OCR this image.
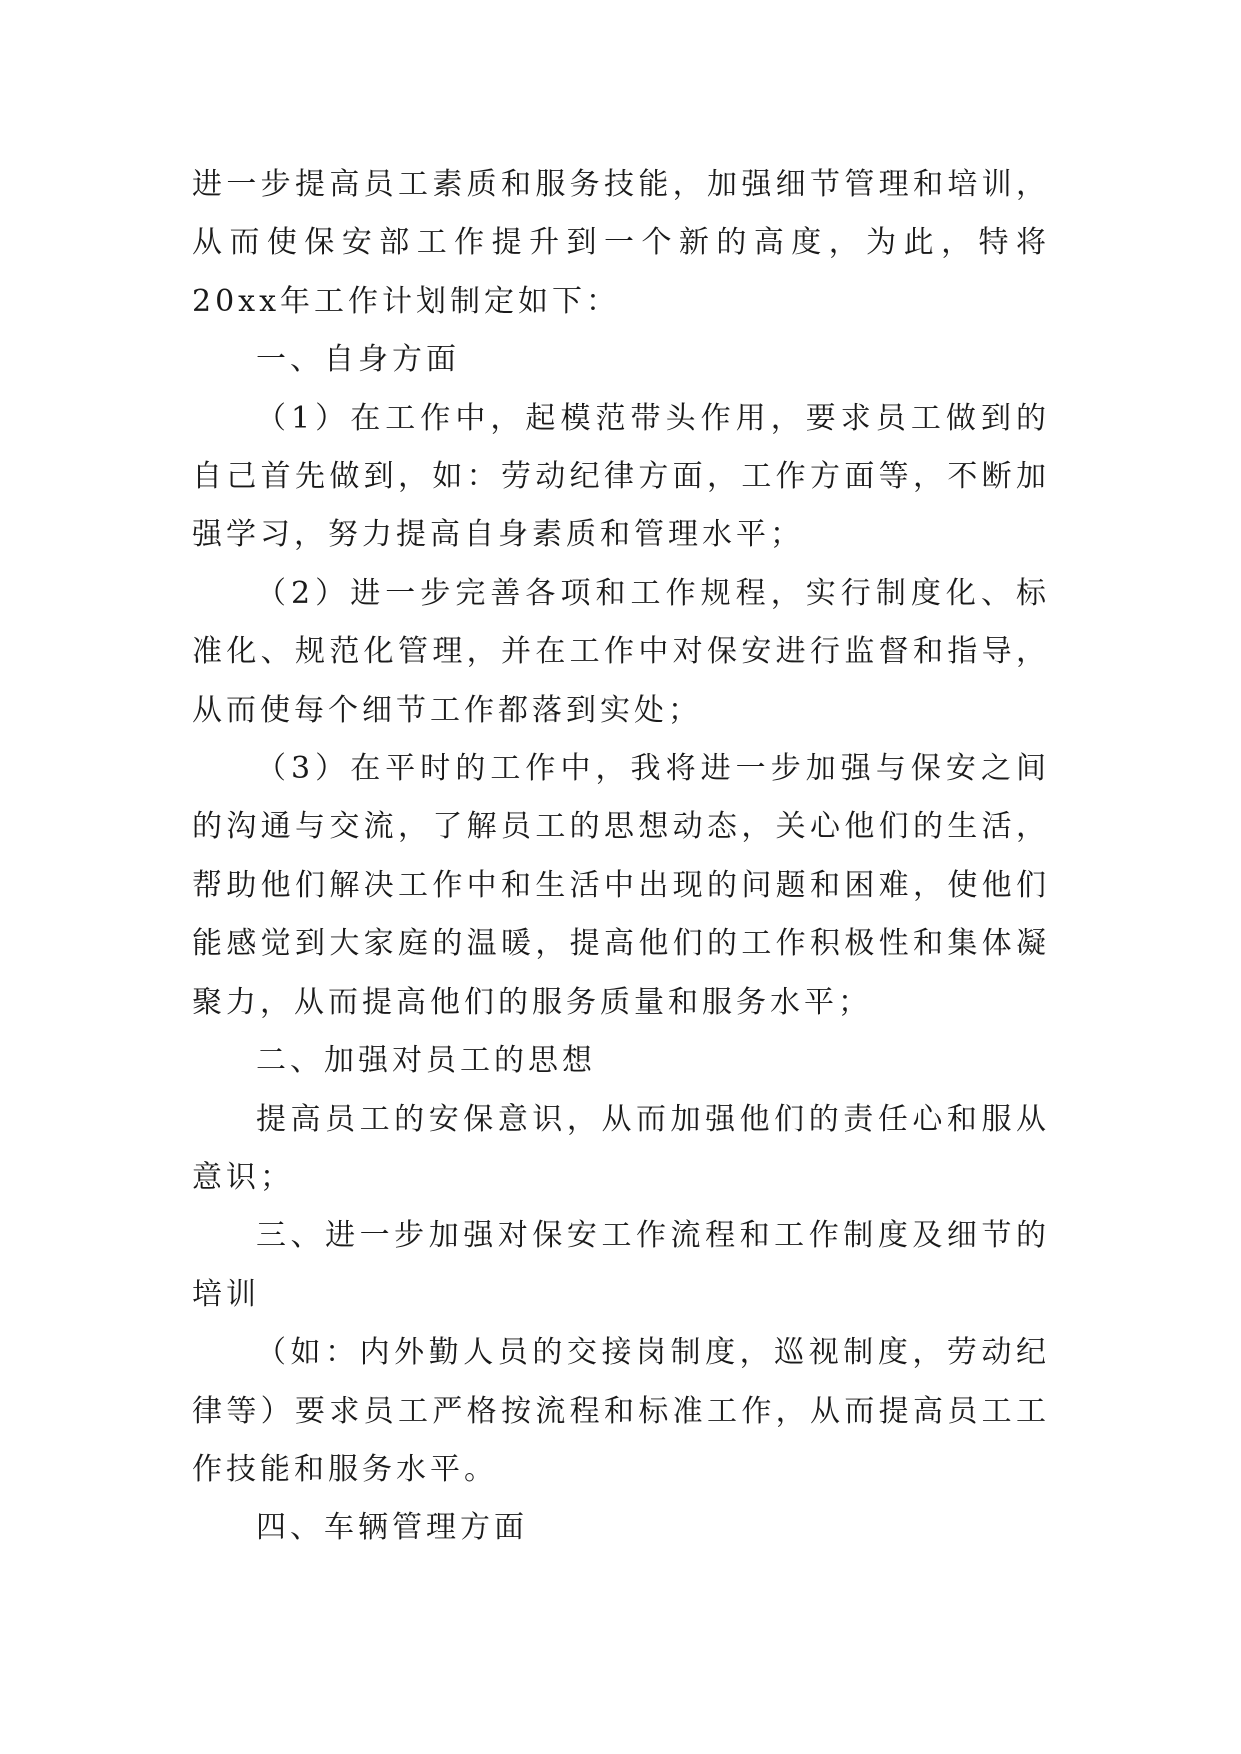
进一步提高员工素质和服务技能，加强细节管理和培训，从而使保安部工作提升到一个新的高度，为此，特将20xx年工作计划制定如下：

一、自身方面

（1）在工作中，起模范带头作用，要求员工做到的自己首先做到，如：劳动纪律方面，工作方面等，不断加强学习，努力提高自身素质和管理水平；

（2）进一步完善各项和工作规程，实行制度化、标准化、规范化管理，并在工作中对保安进行监督和指导，从而使每个细节工作都落到实处；

（3）在平时的工作中，我将进一步加强与保安之间的沟通与交流，了解员工的思想动态，关心他们的生活，帮助他们解决工作中和生活中出现的问题和困难，使他们能感觉到大家庭的温暖，提高他们的工作积极性和集体凝聚力，从而提高他们的服务质量和服务水平；

二、加强对员工的思想

提高员工的安保意识，从而加强他们的责任心和服从意识；

三、进一步加强对保安工作流程和工作制度及细节的培训

（如：内外勤人员的交接岗制度，巡视制度，劳动纪律等）要求员工严格按流程和标准工作，从而提高员工工作技能和服务水平。

四、车辆管理方面
